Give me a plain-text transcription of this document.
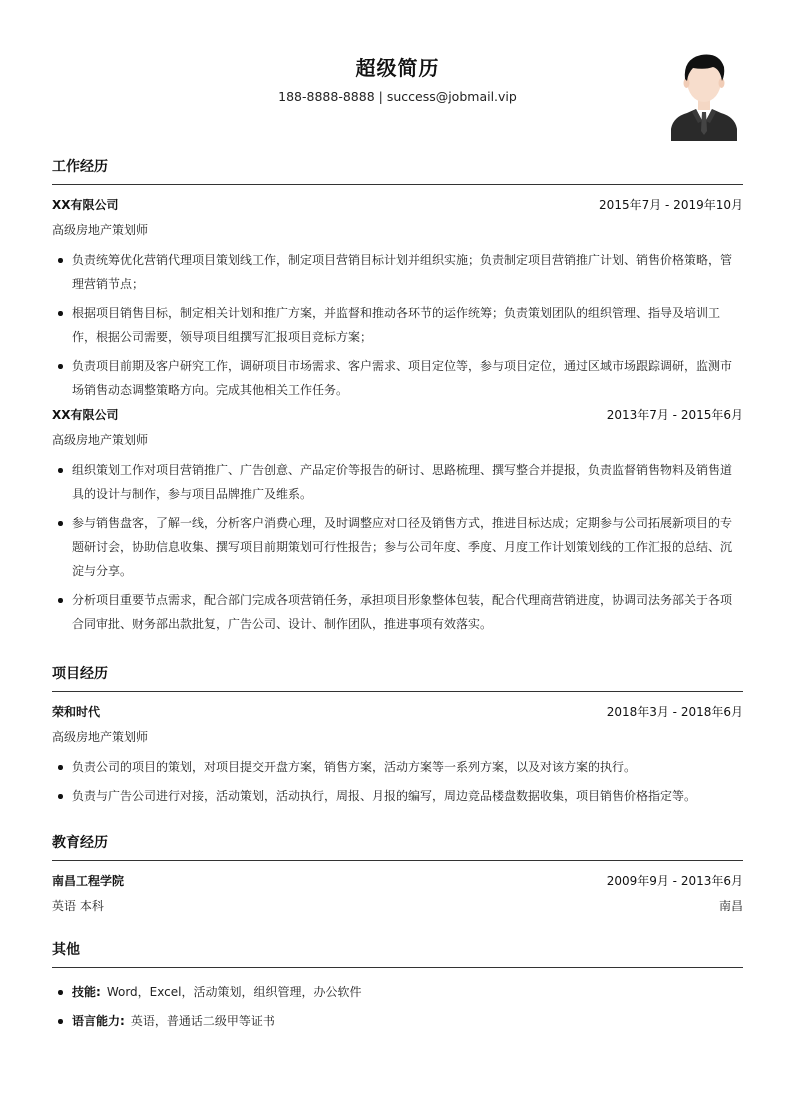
超级简历
188-8888-8888 | success@jobmail.vip
工作经历
XX有限公司	2015年7月 - 2019年10月
高级房地产策划师
负责统筹优化营销代理项目策划线工作，制定项目营销目标计划并组织实施；负责制定项目营销推广计划、销售价格策略，管理营销节点；
根据项目销售目标，制定相关计划和推广方案，并监督和推动各环节的运作统筹；负责策划团队的组织管理、指导及培训工作，根据公司需要，领导项目组撰写汇报项目竞标方案；
负责项目前期及客户研究工作，调研项目市场需求、客户需求、项目定位等，参与项目定位，通过区域市场跟踪调研，监测市场销售动态调整策略方向。完成其他相关工作任务。
XX有限公司	2013年7月 - 2015年6月
高级房地产策划师
组织策划工作对项目营销推广、广告创意、产品定价等报告的研讨、思路梳理、撰写整合并提报，负责监督销售物料及销售道具的设计与制作，参与项目品牌推广及维系。
参与销售盘客，了解一线，分析客户消费心理，及时调整应对口径及销售方式，推进目标达成；定期参与公司拓展新项目的专题研讨会，协助信息收集、撰写项目前期策划可行性报告；参与公司年度、季度、月度工作计划策划线的工作汇报的总结、沉淀与分享。
分析项目重要节点需求，配合部门完成各项营销任务，承担项目形象整体包装，配合代理商营销进度，协调司法务部关于各项合同审批、财务部出款批复，广告公司、设计、制作团队，推进事项有效落实。
项目经历
荣和时代	2018年3月 - 2018年6月
高级房地产策划师
负责公司的项目的策划，对项目提交开盘方案，销售方案，活动方案等一系列方案，以及对该方案的执行。
负责与广告公司进行对接，活动策划，活动执行，周报、月报的编写，周边竞品楼盘数据收集，项目销售价格指定等。
教育经历
南昌工程学院	2009年9月 - 2013年6月
英语 本科	南昌
其他
技能: Word，Excel，活动策划，组织管理，办公软件
语言能力: 英语，普通话二级甲等证书
